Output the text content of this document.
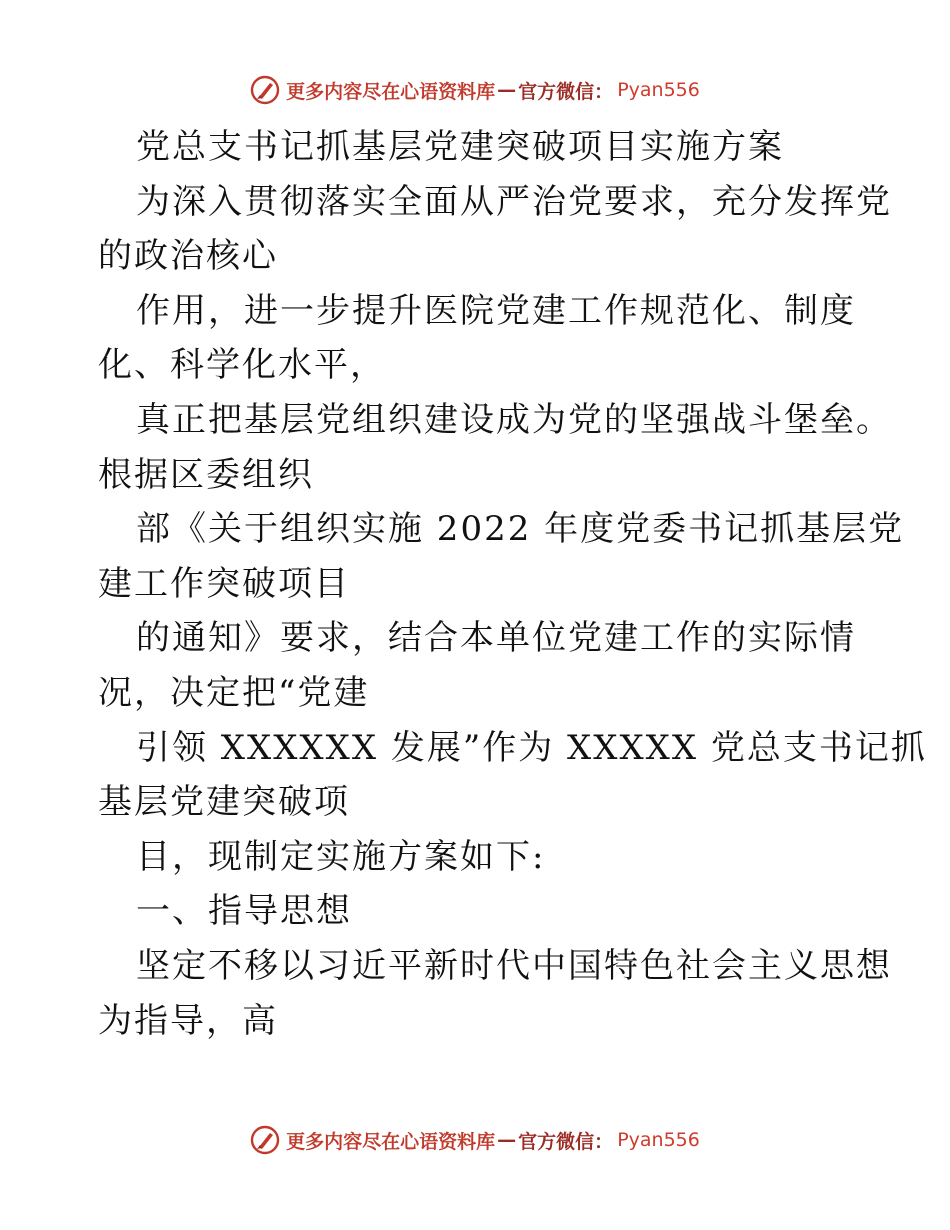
更多内容尽在心语资料库 — 官方微信： Pyan556
党总支书记抓基层党建突破项目实施方案
为深入贯彻落实全面从严治党要求，充分发挥党
的政治核心
作用，进一步提升医院党建工作规范化、制度
化、科学化水平，
真正把基层党组织建设成为党的坚强战斗堡垒。
根据区委组织
部《关于组织实施 2022 年度党委书记抓基层党
建工作突破项目
的通知》要求，结合本单位党建工作的实际情
况，决定把“党建
引领 XXXXXX 发展”作为 XXXXX 党总支书记抓
基层党建突破项
目，现制定实施方案如下:
一、指导思想
坚定不移以习近平新时代中国特色社会主义思想
为指导，高
更多内容尽在心语资料库 — 官方微信： Pyan556
